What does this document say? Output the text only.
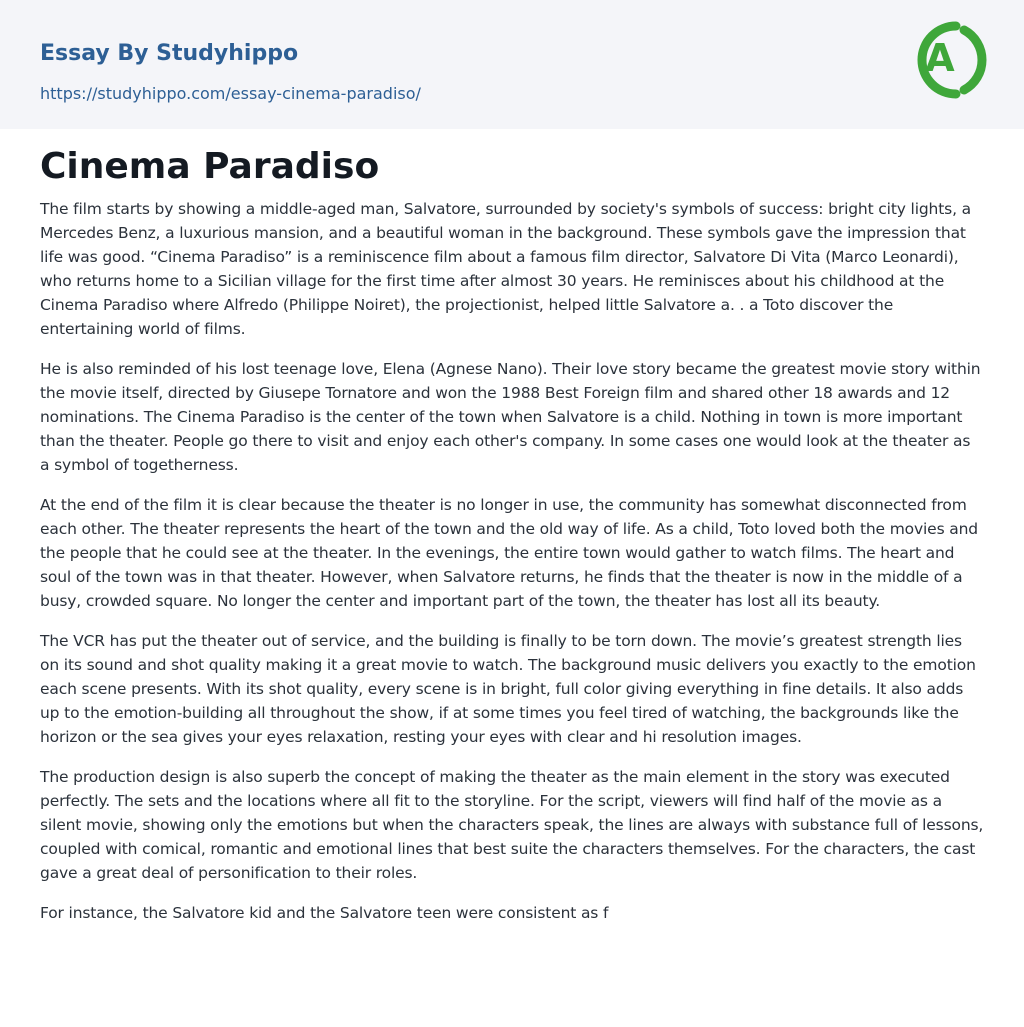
Essay By Studyhippo
https://studyhippo.com/essay-cinema-paradiso/
A
Cinema Paradiso

The film starts by showing a middle-aged man, Salvatore, surrounded by society's symbols of success: bright city lights, a Mercedes Benz, a luxurious mansion, and a beautiful woman in the background. These symbols gave the impression that life was good. “Cinema Paradiso” is a reminiscence film about a famous film director, Salvatore Di Vita (Marco Leonardi), who returns home to a Sicilian village for the first time after almost 30 years. He reminisces about his childhood at the Cinema Paradiso where Alfredo (Philippe Noiret), the projectionist, helped little Salvatore a. . a Toto discover the entertaining world of films.

He is also reminded of his lost teenage love, Elena (Agnese Nano). Their love story became the greatest movie story within the movie itself, directed by Giusepe Tornatore and won the 1988 Best Foreign film and shared other 18 awards and 12 nominations. The Cinema Paradiso is the center of the town when Salvatore is a child. Nothing in town is more important than the theater. People go there to visit and enjoy each other's company. In some cases one would look at the theater as a symbol of togetherness.

At the end of the film it is clear because the theater is no longer in use, the community has somewhat disconnected from each other. The theater represents the heart of the town and the old way of life. As a child, Toto loved both the movies and the people that he could see at the theater. In the evenings, the entire town would gather to watch films. The heart and soul of the town was in that theater. However, when Salvatore returns, he finds that the theater is now in the middle of a busy, crowded square. No longer the center and important part of the town, the theater has lost all its beauty.

The VCR has put the theater out of service, and the building is finally to be torn down. The movie’s greatest strength lies on its sound and shot quality making it a great movie to watch. The background music delivers you exactly to the emotion each scene presents. With its shot quality, every scene is in bright, full color giving everything in fine details. It also adds up to the emotion-building all throughout the show, if at some times you feel tired of watching, the backgrounds like the horizon or the sea gives your eyes relaxation, resting your eyes with clear and hi resolution images.

The production design is also superb the concept of making the theater as the main element in the story was executed perfectly. The sets and the locations where all fit to the storyline. For the script, viewers will find half of the movie as a silent movie, showing only the emotions but when the characters speak, the lines are always with substance full of lessons, coupled with comical, romantic and emotional lines that best suite the characters themselves. For the characters, the cast gave a great deal of personification to their roles.

For instance, the Salvatore kid and the Salvatore teen were consistent as f
